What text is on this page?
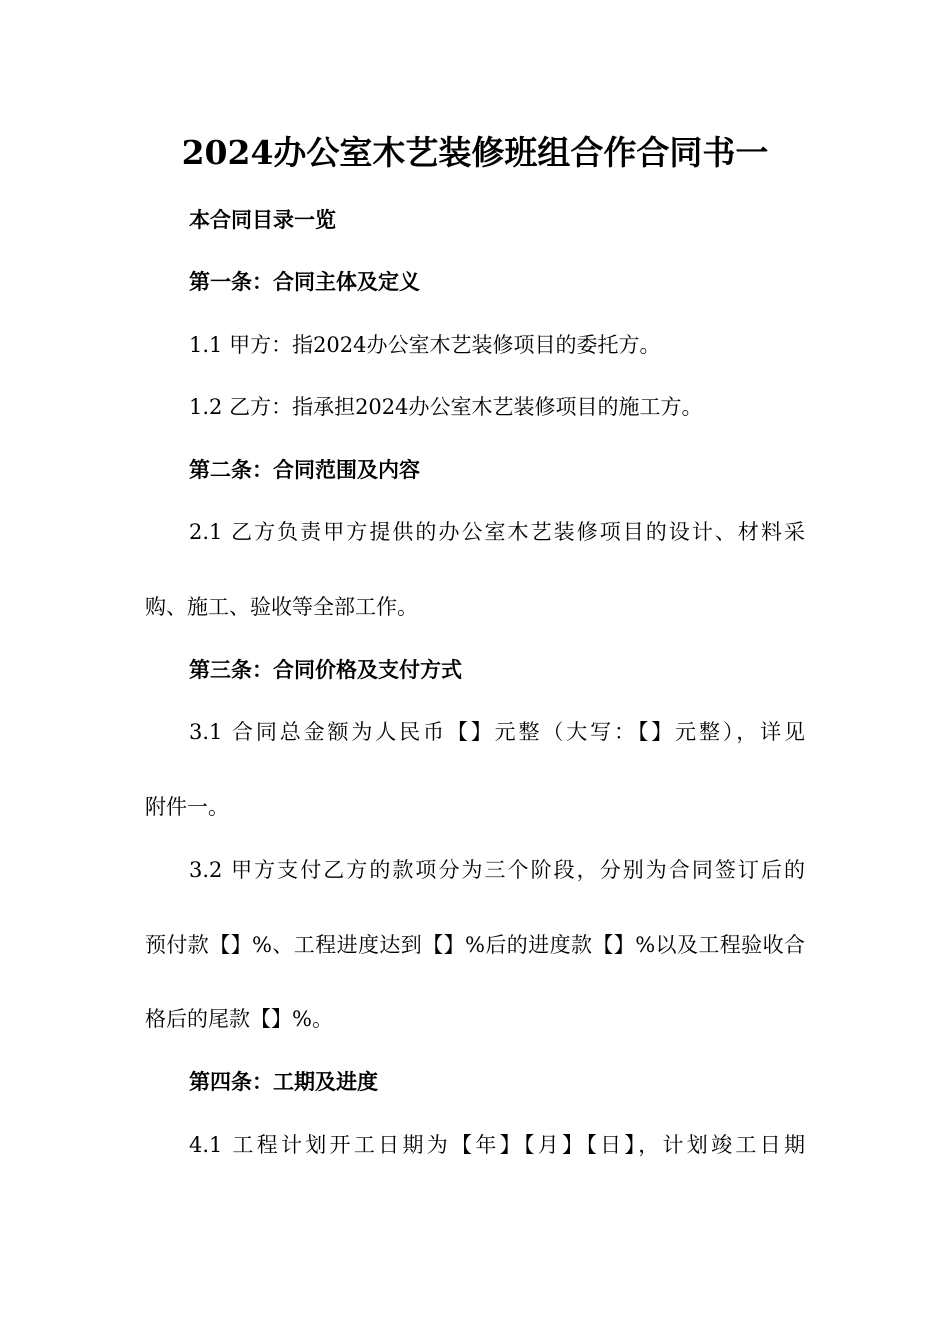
2024办公室木艺装修班组合作合同书一
本合同目录一览
第一条：合同主体及定义
1.1 甲方：指2024办公室木艺装修项目的委托方。
1.2 乙方：指承担2024办公室木艺装修项目的施工方。
第二条：合同范围及内容
2.1 乙方负责甲方提供的办公室木艺装修项目的设计、材料采
购、施工、验收等全部工作。
第三条：合同价格及支付方式
3.1 合同总金额为人民币【】元整（大写：【】元整），详见
附件一。
3.2 甲方支付乙方的款项分为三个阶段，分别为合同签订后的
预付款【】%、工程进度达到【】%后的进度款【】%以及工程验收合
格后的尾款【】%。
第四条：工期及进度
4.1 工程计划开工日期为【年】【月】【日】，计划竣工日期
